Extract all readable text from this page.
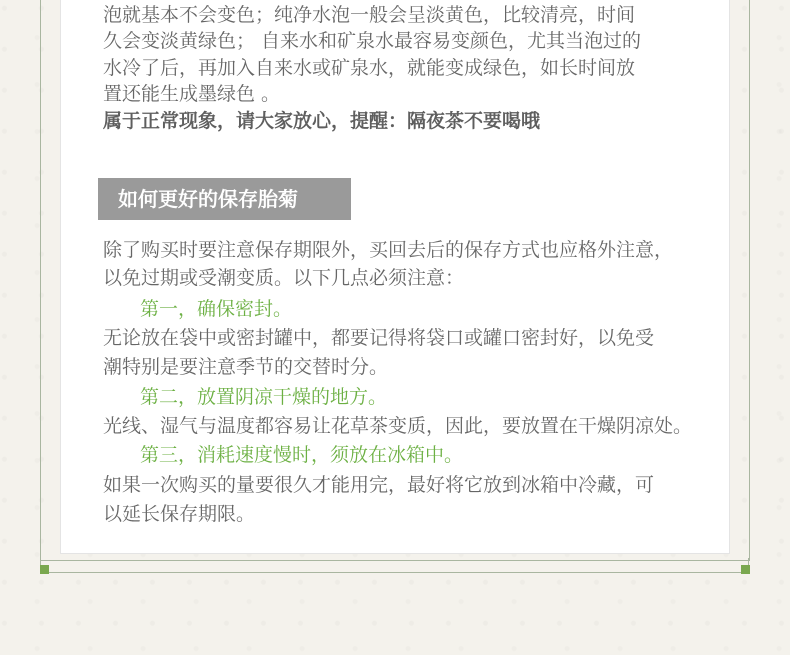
泡就基本不会变色；纯净水泡一般会呈淡黄色，比较清亮，时间
久会变淡黄绿色； 自来水和矿泉水最容易变颜色，尤其当泡过的
水冷了后，再加入自来水或矿泉水，就能变成绿色，如长时间放
置还能生成墨绿色 。
属于正常现象，请大家放心，提醒：隔夜茶不要喝哦
如何更好的保存胎菊
除了购买时要注意保存期限外，买回去后的保存方式也应格外注意，
以免过期或受潮变质。以下几点必须注意：
第一，确保密封。
无论放在袋中或密封罐中，都要记得将袋口或罐口密封好，以免受
潮特别是要注意季节的交替时分。
第二，放置阴凉干燥的地方。
光线、湿气与温度都容易让花草茶变质，因此，要放置在干燥阴凉处。
第三，消耗速度慢时，须放在冰箱中。
如果一次购买的量要很久才能用完，最好将它放到冰箱中冷藏，可
以延长保存期限。
